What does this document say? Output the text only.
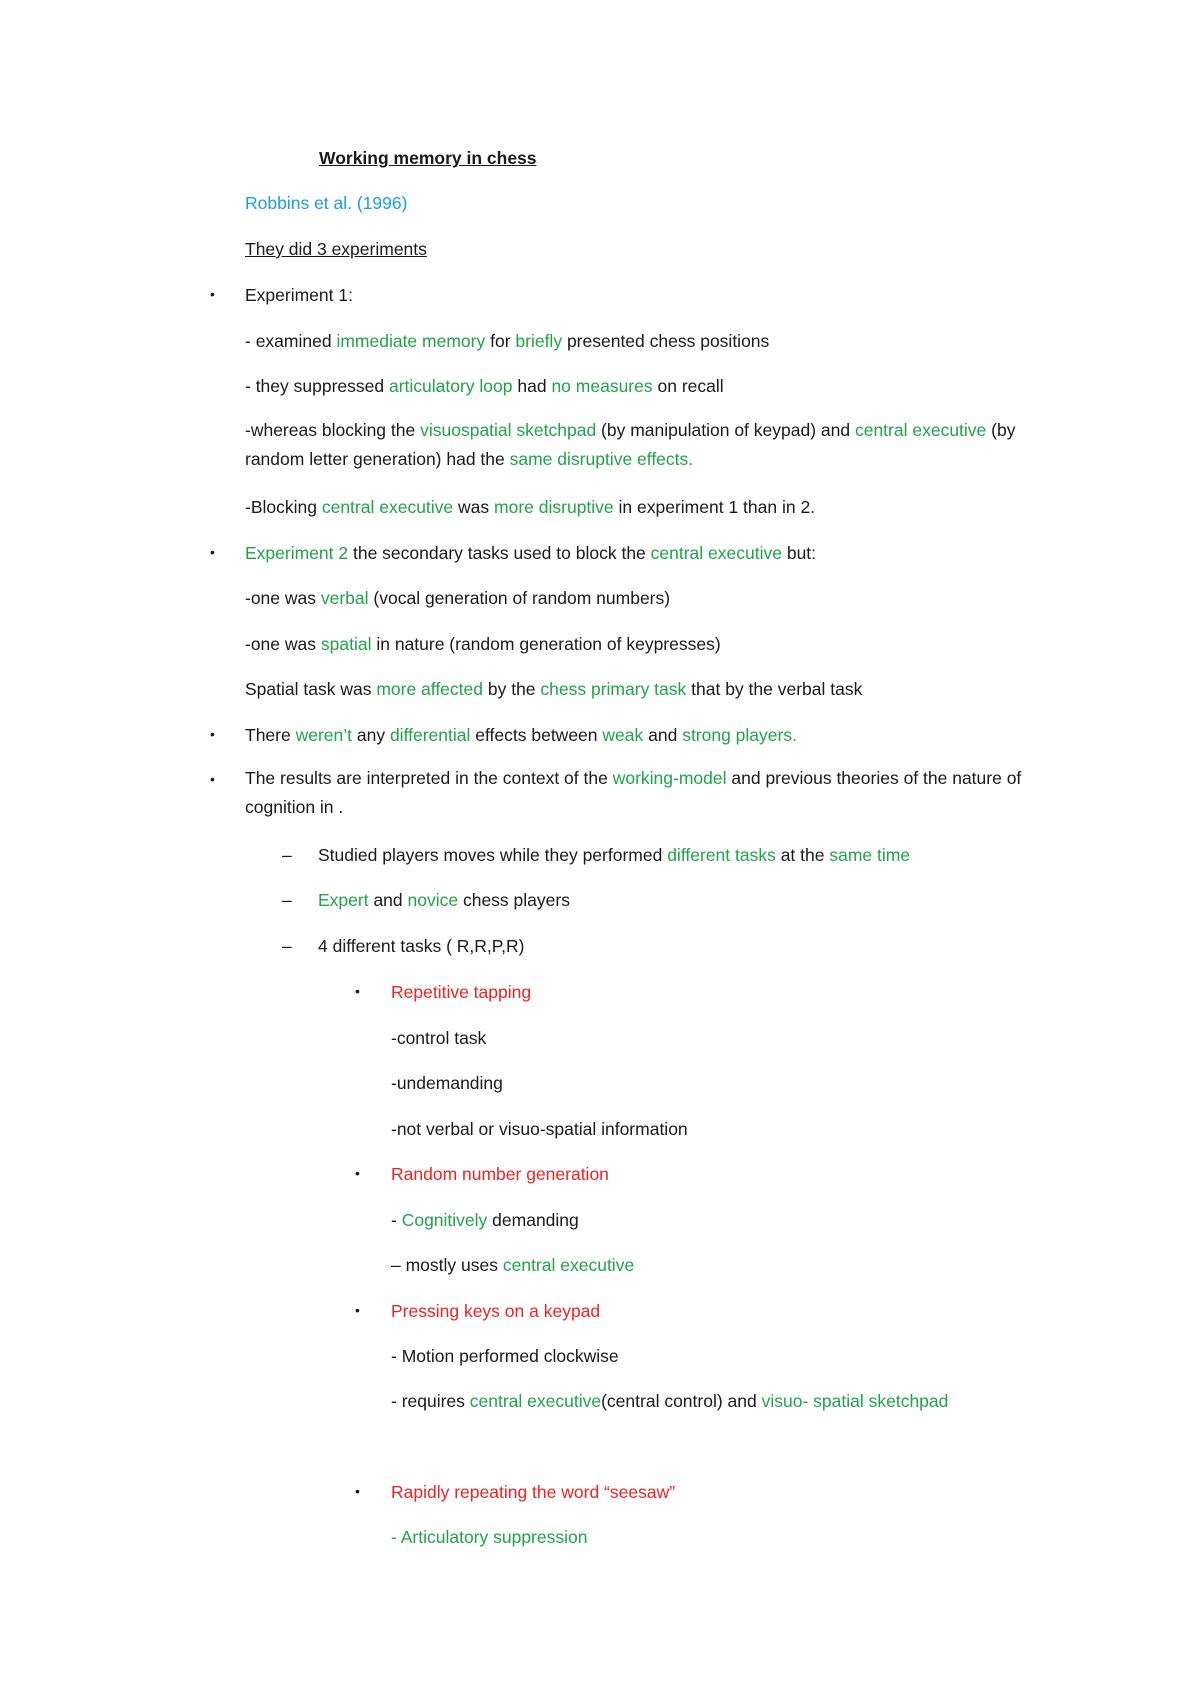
Working memory in chess
Robbins et al. (1996)
They did 3 experiments
• Experiment 1:
- examined immediate memory for briefly presented chess positions
- they suppressed articulatory loop had no measures on recall
-whereas blocking the visuospatial sketchpad (by manipulation of keypad) and central executive (by random letter generation) had the same disruptive effects.
-Blocking central executive was more disruptive in experiment 1 than in 2.
• Experiment 2 the secondary tasks used to block the central executive but:
-one was verbal (vocal generation of random numbers)
-one was spatial in nature (random generation of keypresses)
Spatial task was more affected by the chess primary task that by the verbal task
• There weren’t any differential effects between weak and strong players.
• The results are interpreted in the context of the working-model and previous theories of the nature of cognition in .
– Studied players moves while they performed different tasks at the same time
– Expert and novice chess players
– 4 different tasks ( R,R,P,R)
• Repetitive tapping
-control task
-undemanding
-not verbal or visuo-spatial information
• Random number generation
- Cognitively demanding
– mostly uses central executive
• Pressing keys on a keypad
- Motion performed clockwise
- requires central executive(central control) and visuo- spatial sketchpad
• Rapidly repeating the word “seesaw”
- Articulatory suppression
